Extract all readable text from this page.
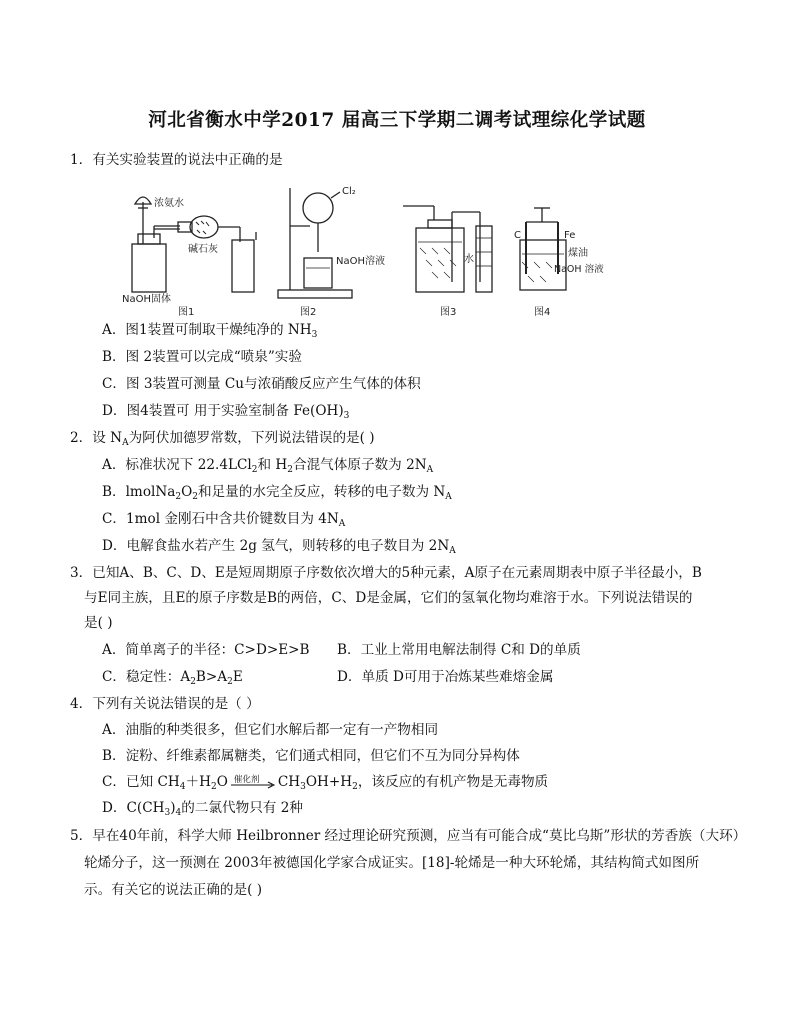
河北省衡水中学2017 届高三下学期二调考试理综化学试题
1．有关实验装置的说法中正确的是
浓氨水
碱石灰
NaOH固体
图1
Cl₂
NaOH溶液
图2
水
图3
C	Fe
煤油
NaOH 溶液
图4
A．图1装置可制取干燥纯净的 $NH_3$
B．图 2装置可以完成“喷泉”实验
C．图 3装置可测量 Cu与浓硝酸反应产生气体的体积
D．图4装置可 用于实验室制备 $Fe(OH)_3$
2．设 $N_A$为阿伏加德罗常数，下列说法错误的是( )
A．标准状况下 22.4LCl$_2$和 $H_2$合混气体原子数为 $2N_A$
B．$lmolNa_2O_2$和足量的水完全反应，转移的电子数为 $N_A$
C．1mol 金刚石中含共价键数目为 $4N_A$
D．电解食盐水若产生 2g 氢气，则转移的电子数目为 $2N_A$
3．已知A、B、C、D、E是短周期原子序数依次增大的5种元素，A原子在元素周期表中原子半径最小，B
与E同主族，且E的原子序数是B的两倍，C、D是金属，它们的氢氧化物均难溶于水。下列说法错误的
是( )
A．简单离子的半径：C>D>E>B B．工业上常用电解法制得 C和 D的单质
C．稳定性：$A_2B>A_2E$	D．单质 D可用于冶炼某些难熔金属
4．下列有关说法错误的是（ ）
A．油脂的种类很多，但它们水解后都一定有一产物相同
B．淀粉、纤维素都属糖类，它们通式相同，但它们不互为同分异构体
C．已知 $CH_4+H_2O$ 催化剂 $CH_3OH+H_2$，该反应的有机产物是无毒物质
D．$C(CH_3)_4$的二氯代物只有 2种
5．早在40年前，科学大师 Heilbronner 经过理论研究预测，应当有可能合成“莫比乌斯”形状的芳香族（大环）
轮烯分子，这一预测在 2003年被德国化学家合成证实。[18]-轮烯是一种大环轮烯，其结构简式如图所
示。有关它的说法正确的是( )
